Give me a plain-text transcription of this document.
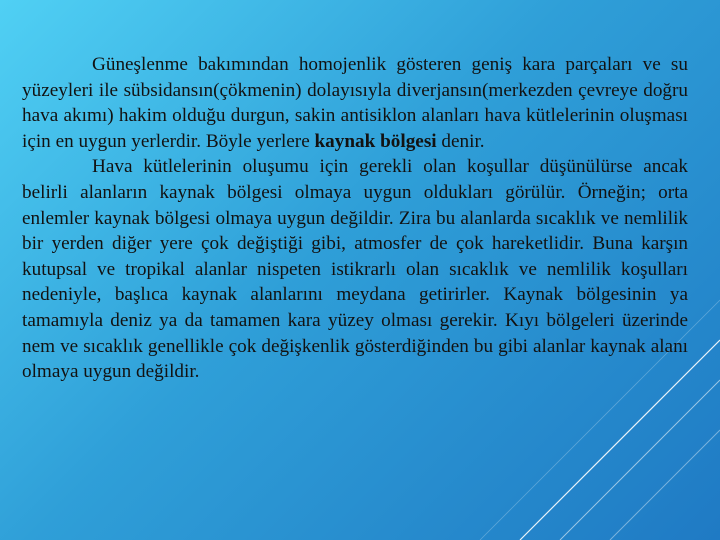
Güneşlenme bakımından homojenlik gösteren geniş kara parçaları ve su yüzeyleri ile sübsidansın(çökmenin) dolayısıyla diverjansın(merkezden çevreye doğru hava akımı) hakim olduğu durgun, sakin antisiklon alanları hava kütlelerinin oluşması için en uygun yerlerdir. Böyle yerlere kaynak bölgesi denir.

Hava kütlelerinin oluşumu için gerekli olan koşullar düşünülürse ancak belirli alanların kaynak bölgesi olmaya uygun oldukları görülür. Örneğin; orta enlemler kaynak bölgesi olmaya uygun değildir. Zira bu alanlarda sıcaklık ve nemlilik bir yerden diğer yere çok değiştiği gibi, atmosfer de çok hareketlidir. Buna karşın kutupsal ve tropikal alanlar nispeten istikrarlı olan sıcaklık ve nemlilik koşulları nedeniyle, başlıca kaynak alanlarını meydana getirirler. Kaynak bölgesinin ya tamamıyla deniz ya da tamamen kara yüzey olması gerekir. Kıyı bölgeleri üzerinde nem ve sıcaklık genellikle çok değişkenlik gösterdiğinden bu gibi alanlar kaynak alanı olmaya uygun değildir.
